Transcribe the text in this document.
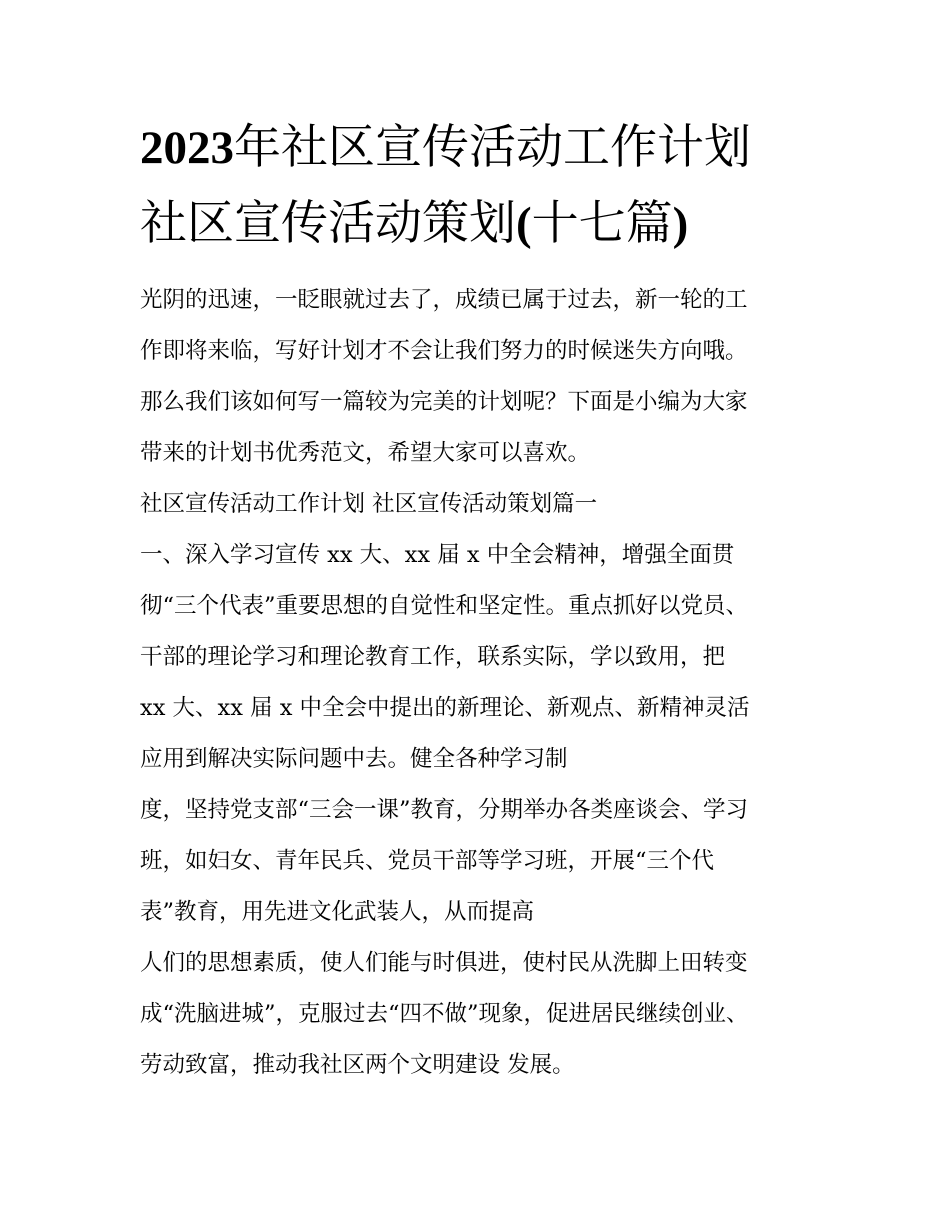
2023年社区宣传活动工作计划
社区宣传活动策划(十七篇)
光阴的迅速，一眨眼就过去了，成绩已属于过去，新一轮的工
作即将来临，写好计划才不会让我们努力的时候迷失方向哦。
那么我们该如何写一篇较为完美的计划呢？下面是小编为大家
带来的计划书优秀范文，希望大家可以喜欢。
社区宣传活动工作计划 社区宣传活动策划篇一
一、深入学习宣传 xx 大、xx 届 x 中全会精神，增强全面贯
彻“三个代表”重要思想的自觉性和坚定性。重点抓好以党员、
干部的理论学习和理论教育工作，联系实际，学以致用，把
xx 大、xx 届 x 中全会中提出的新理论、新观点、新精神灵活
应用到解决实际问题中去。健全各种学习制
度，坚持党支部“三会一课”教育，分期举办各类座谈会、学习
班，如妇女、青年民兵、党员干部等学习班，开展“三个代
表”教育，用先进文化武装人，从而提高
人们的思想素质，使人们能与时俱进，使村民从洗脚上田转变
成“洗脑进城”，克服过去“四不做”现象，促进居民继续创业、
劳动致富，推动我社区两个文明建设 发展。
